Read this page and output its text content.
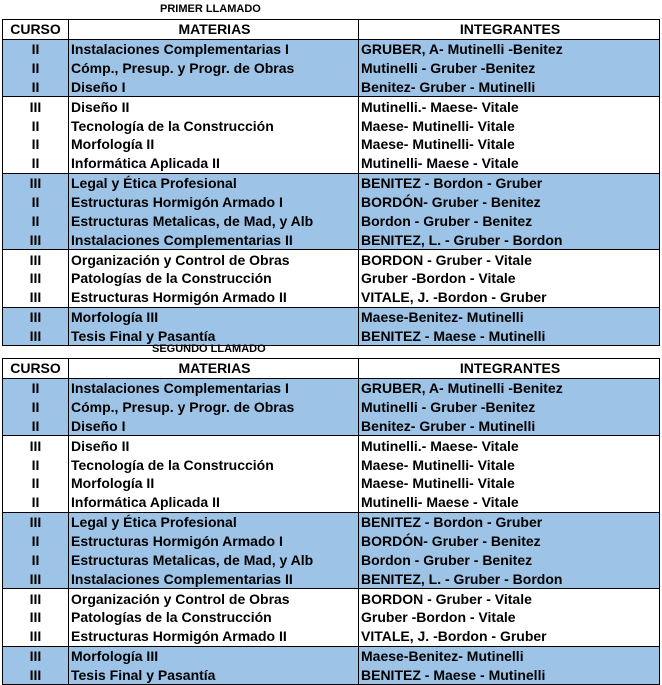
PRIMER LLAMADO
CURSO	MATERIAS	INTEGRANTES
II	Instalaciones Complementarias I	GRUBER, A- Mutinelli -Benitez
II	Cómp., Presup. y Progr. de Obras	Mutinelli - Gruber -Benitez
II	Diseño I	Benitez- Gruber - Mutinelli
III	Diseño II	Mutinelli.- Maese- Vitale
II	Tecnología de la Construcción	Maese- Mutinelli- Vitale
II	Morfología II	Maese- Mutinelli- Vitale
II	Informática Aplicada II	Mutinelli- Maese - Vitale
III	Legal y Ética Profesional	BENITEZ - Bordon - Gruber
II	Estructuras Hormigón Armado I	BORDÓN- Gruber - Benitez
II	Estructuras Metalicas, de Mad, y Alb	Bordon - Gruber - Benitez
III	Instalaciones Complementarias II	BENITEZ, L. - Gruber - Bordon
III	Organización y Control de Obras	BORDON - Gruber - Vitale
III	Patologías de la Construcción	Gruber -Bordon - Vitale
III	Estructuras Hormigón Armado II	VITALE, J. -Bordon - Gruber
III	Morfología III	Maese-Benitez- Mutinelli
III	Tesis Final y Pasantía	BENITEZ - Maese - Mutinelli
SEGUNDO LLAMADO
CURSO	MATERIAS	INTEGRANTES
II	Instalaciones Complementarias I	GRUBER, A- Mutinelli -Benitez
II	Cómp., Presup. y Progr. de Obras	Mutinelli - Gruber -Benitez
II	Diseño I	Benitez- Gruber - Mutinelli
III	Diseño II	Mutinelli.- Maese- Vitale
II	Tecnología de la Construcción	Maese- Mutinelli- Vitale
II	Morfología II	Maese- Mutinelli- Vitale
II	Informática Aplicada II	Mutinelli- Maese - Vitale
III	Legal y Ética Profesional	BENITEZ - Bordon - Gruber
II	Estructuras Hormigón Armado I	BORDÓN- Gruber - Benitez
II	Estructuras Metalicas, de Mad, y Alb	Bordon - Gruber - Benitez
III	Instalaciones Complementarias II	BENITEZ, L. - Gruber - Bordon
III	Organización y Control de Obras	BORDON - Gruber - Vitale
III	Patologías de la Construcción	Gruber -Bordon - Vitale
III	Estructuras Hormigón Armado II	VITALE, J. -Bordon - Gruber
III	Morfología III	Maese-Benitez- Mutinelli
III	Tesis Final y Pasantía	BENITEZ - Maese - Mutinelli
